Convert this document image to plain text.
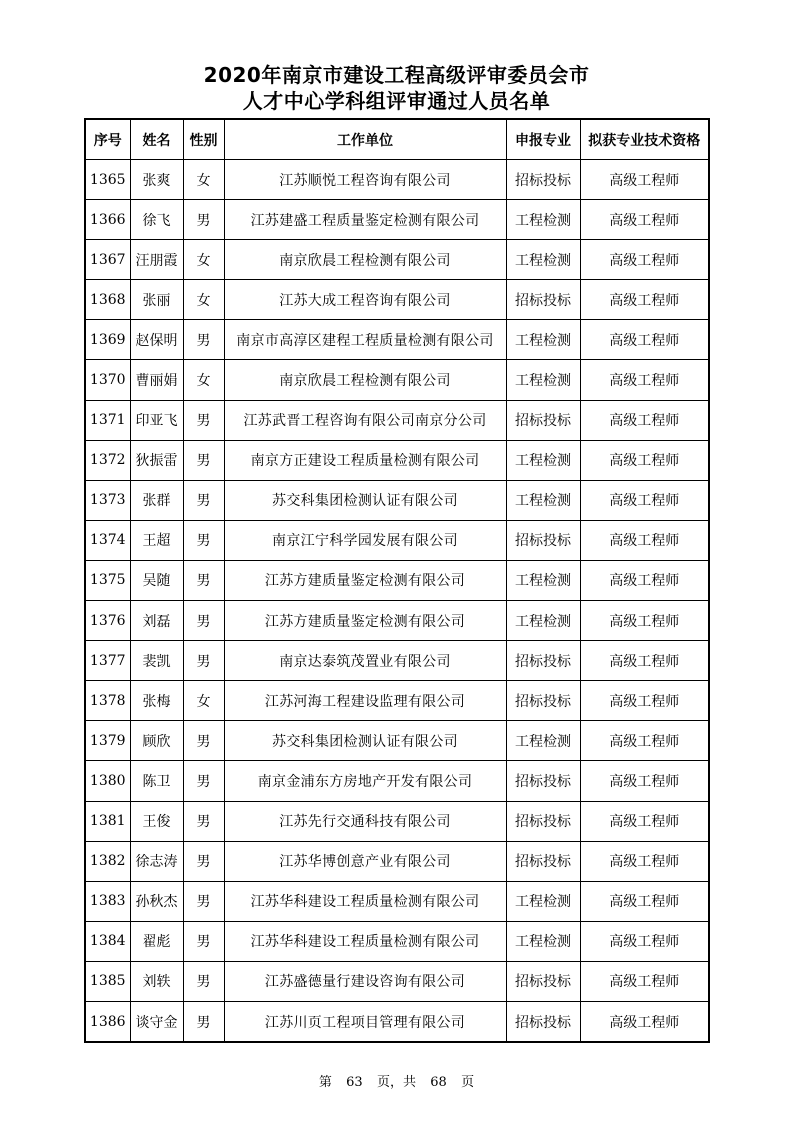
2020年南京市建设工程高级评审委员会市
人才中心学科组评审通过人员名单
序号	姓名	性别	工作单位	申报专业	拟获专业技术资格
1365	张爽	女	江苏顺悦工程咨询有限公司	招标投标	高级工程师
1366	徐飞	男	江苏建盛工程质量鉴定检测有限公司	工程检测	高级工程师
1367	汪朋霞	女	南京欣晨工程检测有限公司	工程检测	高级工程师
1368	张丽	女	江苏大成工程咨询有限公司	招标投标	高级工程师
1369	赵保明	男	南京市高淳区建程工程质量检测有限公司	工程检测	高级工程师
1370	曹丽娟	女	南京欣晨工程检测有限公司	工程检测	高级工程师
1371	印亚飞	男	江苏武晋工程咨询有限公司南京分公司	招标投标	高级工程师
1372	狄振雷	男	南京方正建设工程质量检测有限公司	工程检测	高级工程师
1373	张群	男	苏交科集团检测认证有限公司	工程检测	高级工程师
1374	王超	男	南京江宁科学园发展有限公司	招标投标	高级工程师
1375	吴随	男	江苏方建质量鉴定检测有限公司	工程检测	高级工程师
1376	刘磊	男	江苏方建质量鉴定检测有限公司	工程检测	高级工程师
1377	裴凯	男	南京达泰筑茂置业有限公司	招标投标	高级工程师
1378	张梅	女	江苏河海工程建设监理有限公司	招标投标	高级工程师
1379	顾欣	男	苏交科集团检测认证有限公司	工程检测	高级工程师
1380	陈卫	男	南京金浦东方房地产开发有限公司	招标投标	高级工程师
1381	王俊	男	江苏先行交通科技有限公司	招标投标	高级工程师
1382	徐志涛	男	江苏华博创意产业有限公司	招标投标	高级工程师
1383	孙秋杰	男	江苏华科建设工程质量检测有限公司	工程检测	高级工程师
1384	翟彪	男	江苏华科建设工程质量检测有限公司	工程检测	高级工程师
1385	刘轶	男	江苏盛德量行建设咨询有限公司	招标投标	高级工程师
1386	谈守金	男	江苏川页工程项目管理有限公司	招标投标	高级工程师
第 63 页，共 68 页
